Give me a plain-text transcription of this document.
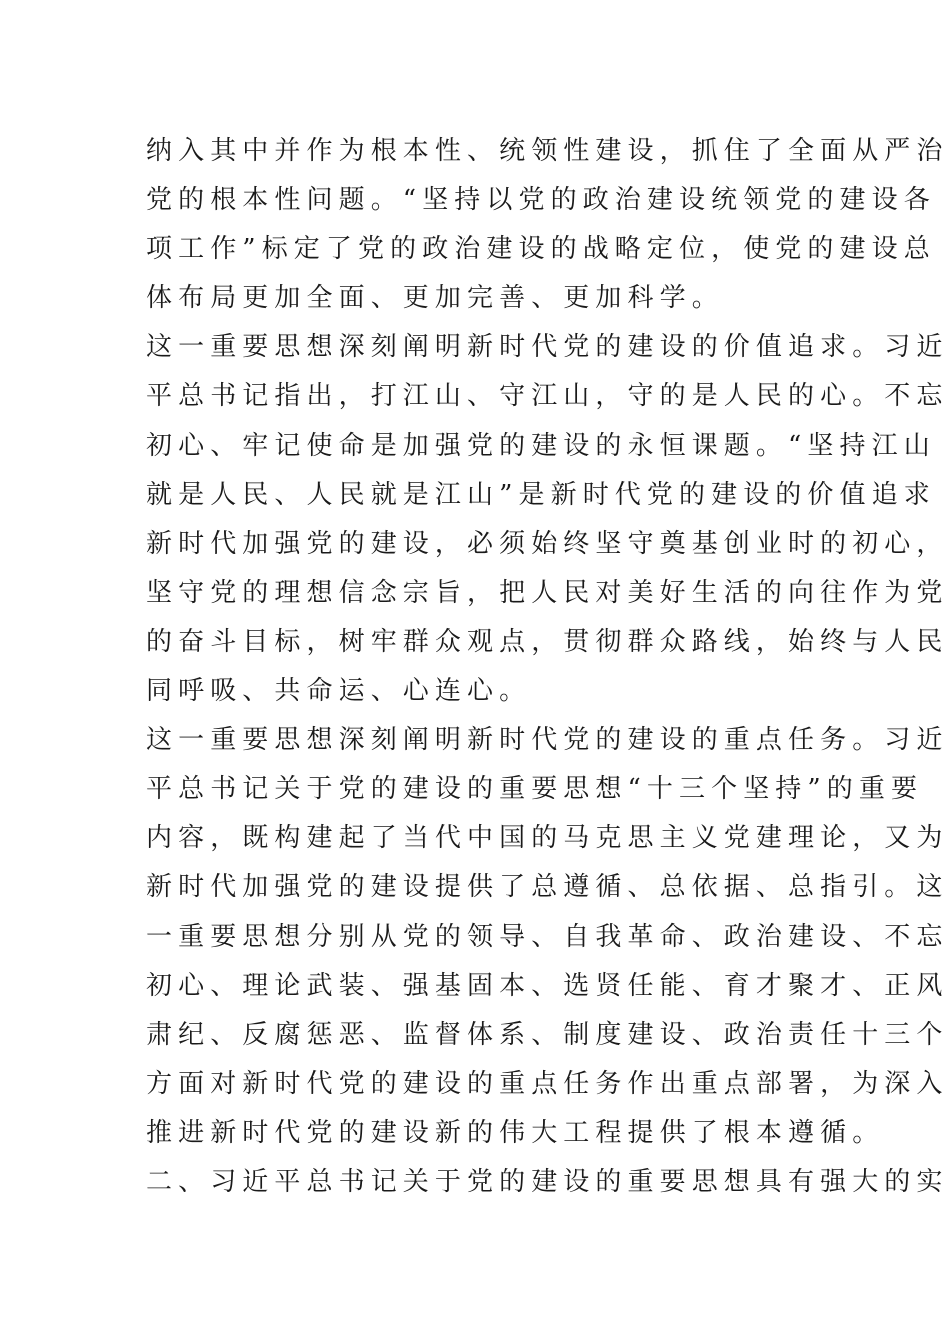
纳入其中并作为根本性、统领性建设，抓住了全面从严治
党的根本性问题。“坚持以党的政治建设统领党的建设各
项工作”标定了党的政治建设的战略定位，使党的建设总
体布局更加全面、更加完善、更加科学。
这一重要思想深刻阐明新时代党的建设的价值追求。习近
平总书记指出，打江山、守江山，守的是人民的心。不忘
初心、牢记使命是加强党的建设的永恒课题。“坚持江山
就是人民、人民就是江山”是新时代党的建设的价值追求
新时代加强党的建设，必须始终坚守奠基创业时的初心，
坚守党的理想信念宗旨，把人民对美好生活的向往作为党
的奋斗目标，树牢群众观点，贯彻群众路线，始终与人民
同呼吸、共命运、心连心。
这一重要思想深刻阐明新时代党的建设的重点任务。习近
平总书记关于党的建设的重要思想“十三个坚持”的重要
内容，既构建起了当代中国的马克思主义党建理论，又为
新时代加强党的建设提供了总遵循、总依据、总指引。这
一重要思想分别从党的领导、自我革命、政治建设、不忘
初心、理论武装、强基固本、选贤任能、育才聚才、正风
肃纪、反腐惩恶、监督体系、制度建设、政治责任十三个
方面对新时代党的建设的重点任务作出重点部署，为深入
推进新时代党的建设新的伟大工程提供了根本遵循。
二、习近平总书记关于党的建设的重要思想具有强大的实
